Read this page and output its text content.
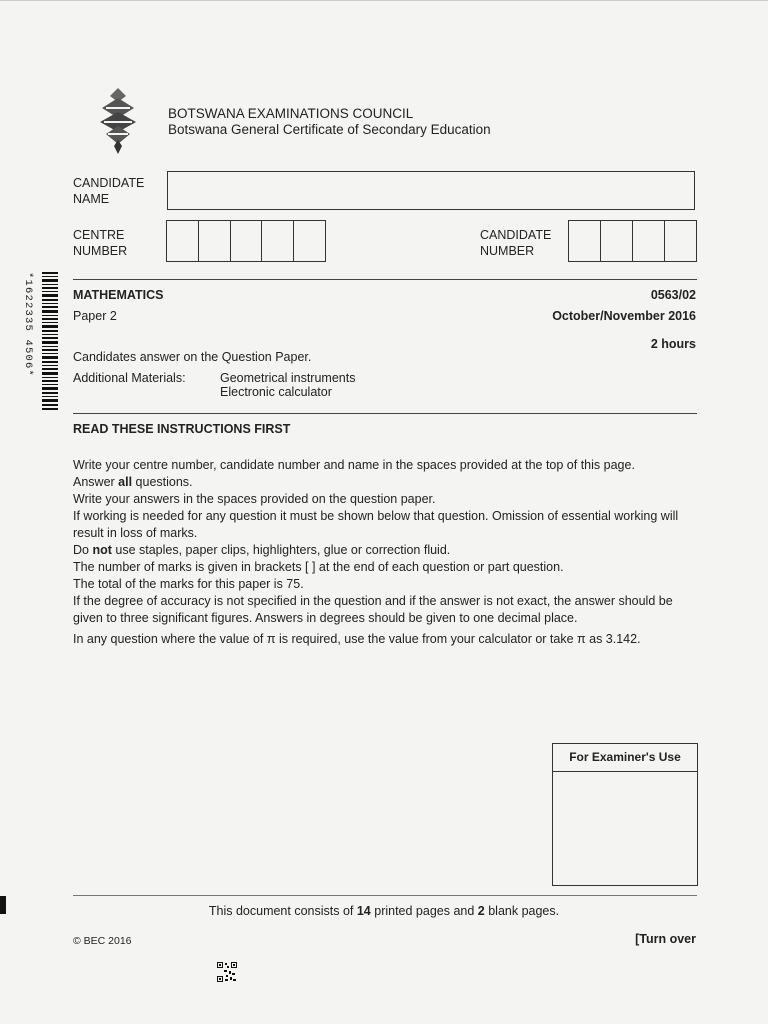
BOTSWANA EXAMINATIONS COUNCIL
Botswana General Certificate of Secondary Education
CANDIDATE
NAME
CENTRE
NUMBER
CANDIDATE
NUMBER
*1622335 4506*	MATHEMATICS	0563/02
Paper 2	October/November 2016
2 hours
Candidates answer on the Question Paper.
Additional Materials:	Geometrical instruments
Electronic calculator
READ THESE INSTRUCTIONS FIRST

Write your centre number, candidate number and name in the spaces provided at the top of this page.

Answer all questions.

Write your answers in the spaces provided on the question paper.

If working is needed for any question it must be shown below that question. Omission of essential working will result in loss of marks.

Do not use staples, paper clips, highlighters, glue or correction fluid.

The number of marks is given in brackets [ ] at the end of each question or part question.

The total of the marks for this paper is 75.

If the degree of accuracy is not specified in the question and if the answer is not exact, the answer should be given to three significant figures. Answers in degrees should be given to one decimal place.

In any question where the value of π is required, use the value from your calculator or take π as 3.142.

For Examiner's Use
This document consists of 14 printed pages and 2 blank pages.
© BEC 2016	[Turn over
